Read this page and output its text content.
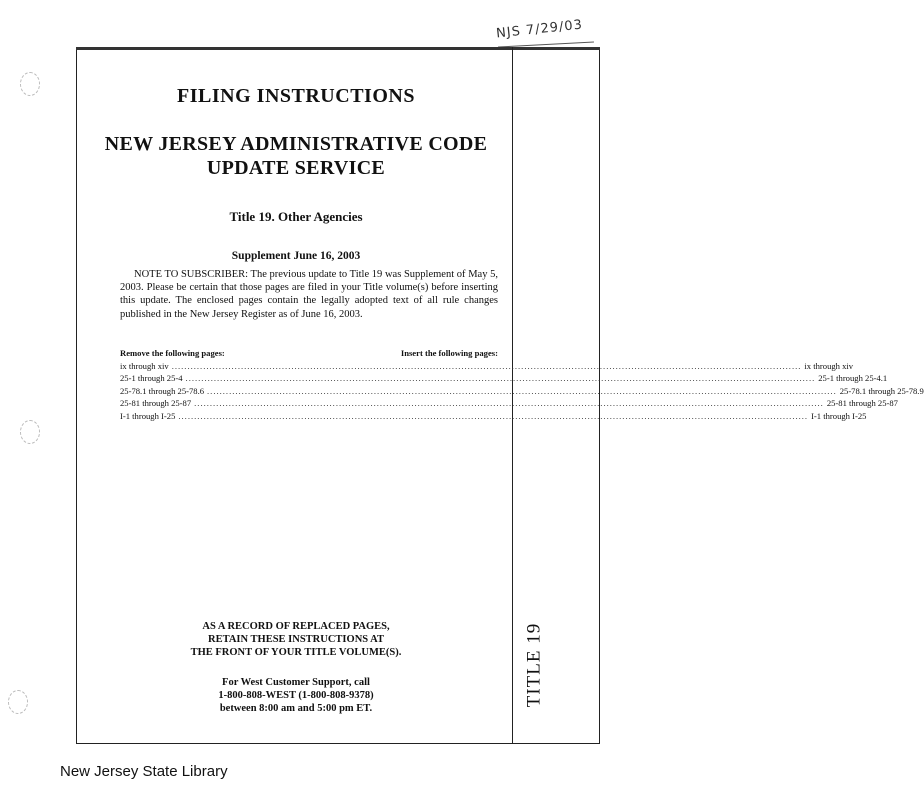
NJS 7/29/03
TITLE 19
FILING INSTRUCTIONS
NEW JERSEY ADMINISTRATIVE CODE
UPDATE SERVICE
Title 19. Other Agencies
Supplement June 16, 2003
NOTE TO SUBSCRIBER: The previous update to Title 19 was Supplement of May 5, 2003. Please be certain that those pages are filed in your Title volume(s) before inserting this update. The enclosed pages contain the legally adopted text of all rule changes published in the New Jersey Register as of June 16, 2003.
Remove the following pages:	Insert the following pages:
ix through xiv ........................................................................................................................................................................................................ ix through xiv
25-1 through 25-4 ........................................................................................................................................................................................................ 25-1 through 25-4.1
25-78.1 through 25-78.6 ........................................................................................................................................................................................................ 25-78.1 through 25-78.9
25-81 through 25-87 ........................................................................................................................................................................................................ 25-81 through 25-87
I-1 through I-25 ........................................................................................................................................................................................................ I-1 through I-25
AS A RECORD OF REPLACED PAGES,
RETAIN THESE INSTRUCTIONS AT
THE FRONT OF YOUR TITLE VOLUME(S).
For West Customer Support, call
1-800-808-WEST (1-800-808-9378)
between 8:00 am and 5:00 pm ET.
New Jersey State Library
